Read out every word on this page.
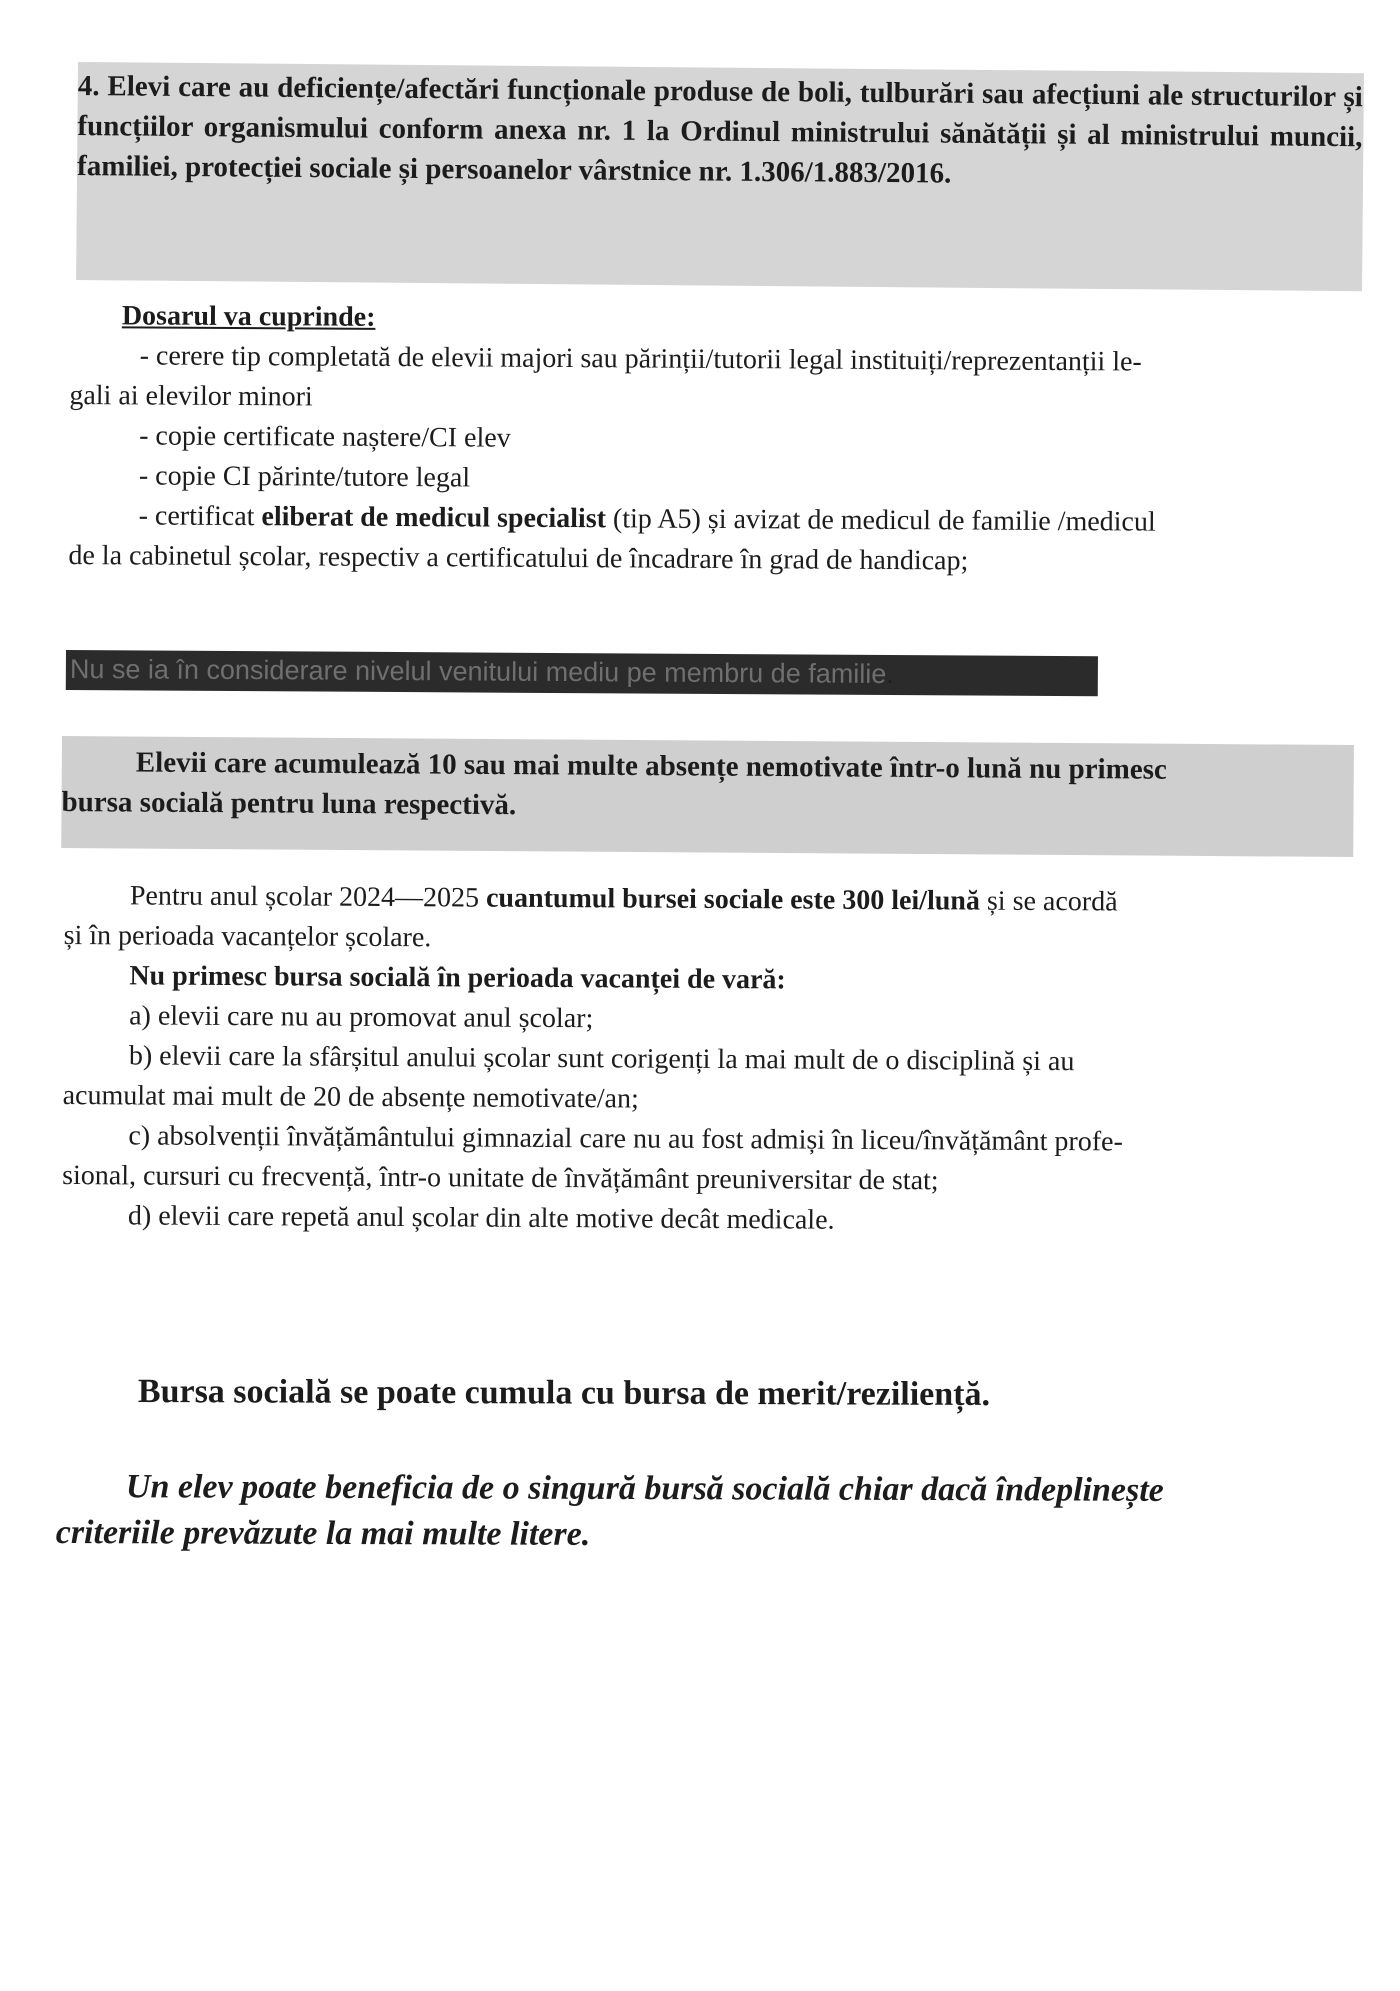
4. Elevi care au deficiențe/afectări funcționale produse de boli, tulburări sau afecțiuni ale structurilor și funcțiilor organismului conform anexa nr. 1 la Ordinul ministrului sănătății și al ministrului muncii, familiei, protecției sociale și persoanelor vârstnice nr. 1.306/1.883/2016.

Dosarul va cuprinde:
- cerere tip completată de elevii majori sau părinții/tutorii legal instituiți/reprezentanții le-
gali ai elevilor minori
- copie certificate naștere/CI elev
- copie CI părinte/tutore legal
- certificat eliberat de medicul specialist (tip A5) și avizat de medicul de familie /medicul
de la cabinetul școlar, respectiv a certificatului de încadrare în grad de handicap;
Nu se ia în considerare nivelul venitului mediu pe membru de familie.
Elevii care acumulează 10 sau mai multe absențe nemotivate într-o lună nu primesc
bursa socială pentru luna respectivă.

Pentru anul școlar 2024—2025 cuantumul bursei sociale este 300 lei/lună și se acordă

și în perioada vacanțelor școlare.

Nu primesc bursa socială în perioada vacanței de vară:

a) elevii care nu au promovat anul școlar;

b) elevii care la sfârșitul anului școlar sunt corigenți la mai mult de o disciplină și au

acumulat mai mult de 20 de absențe nemotivate/an;

c) absolvenții învățământului gimnazial care nu au fost admiși în liceu/învățământ profe-

sional, cursuri cu frecvență, într-o unitate de învățământ preuniversitar de stat;

d) elevii care repetă anul școlar din alte motive decât medicale.

Bursa socială se poate cumula cu bursa de merit/reziliență.
Un elev poate beneficia de o singură bursă socială chiar dacă îndeplinește
criteriile prevăzute la mai multe litere.
